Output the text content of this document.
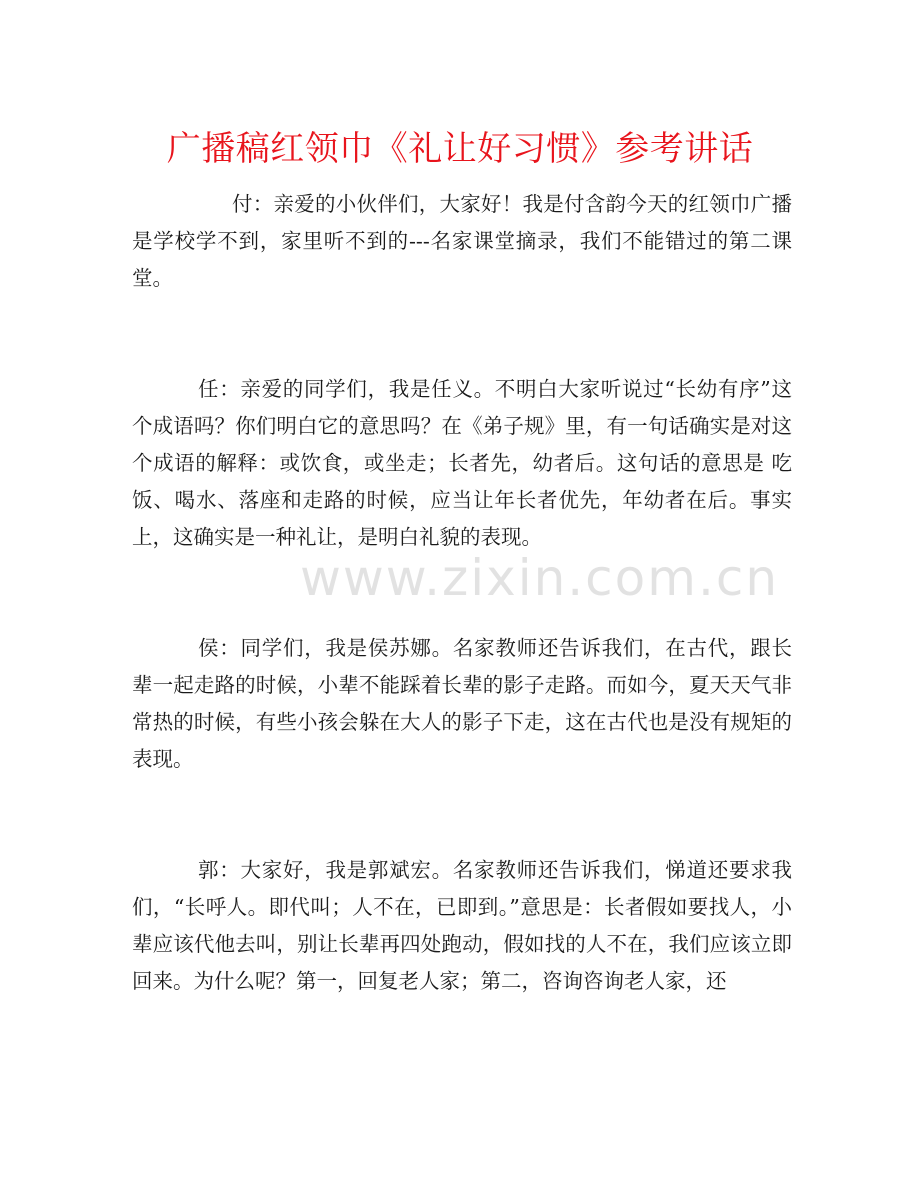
广播稿红领巾《礼让好习惯》参考讲话

付：亲爱的小伙伴们，大家好！我是付含韵今天的红领巾广播是学校学不到，家里听不到的---名家课堂摘录，我们不能错过的第二课堂。

任：亲爱的同学们，我是任义。不明白大家听说过“长幼有序”这个成语吗？你们明白它的意思吗？在《弟子规》里，有一句话确实是对这个成语的解释：或饮食，或坐走；长者先，幼者后。这句话的意思是 吃饭、喝水、落座和走路的时候，应当让年长者优先，年幼者在后。事实上，这确实是一种礼让，是明白礼貌的表现。

侯：同学们，我是侯苏娜。名家教师还告诉我们，在古代，跟长辈一起走路的时候，小辈不能踩着长辈的影子走路。而如今，夏天天气非常热的时候，有些小孩会躲在大人的影子下走，这在古代也是没有规矩的表现。

郭：大家好，我是郭斌宏。名家教师还告诉我们，悌道还要求我们，“长呼人。即代叫；人不在，已即到。”意思是：长者假如要找人，小辈应该代他去叫，别让长辈再四处跑动，假如找的人不在，我们应该立即回来。为什么呢？第一，回复老人家；第二，咨询咨询老人家，还

www.zixin.com.cn
